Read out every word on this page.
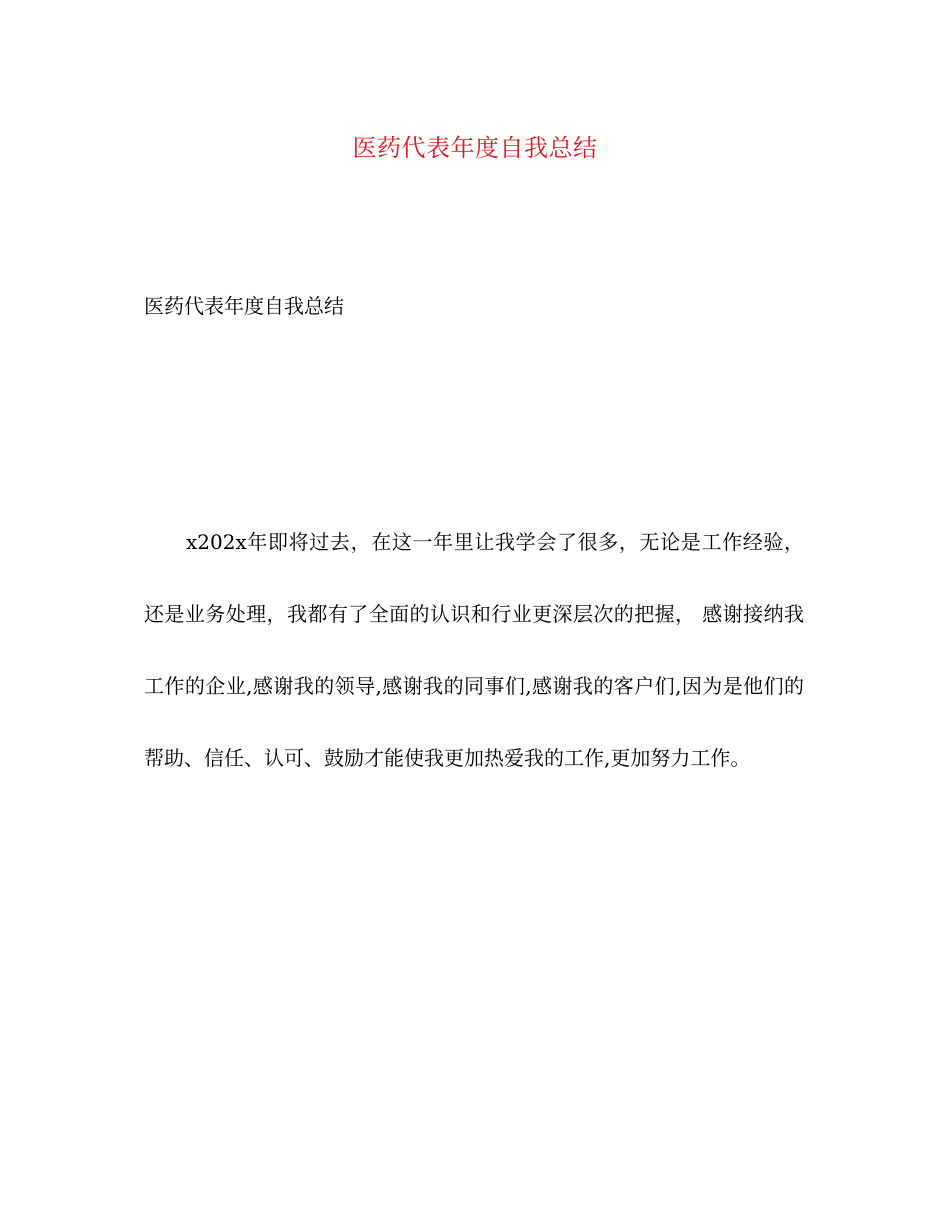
医药代表年度自我总结
医药代表年度自我总结

x202x年即将过去，在这一年里让我学会了很多，无论是工作经验，还是业务处理，我都有了全面的认识和行业更深层次的把握， 感谢接纳我工作的企业,感谢我的领导,感谢我的同事们,感谢我的客户们,因为是他们的帮助、信任、认可、鼓励才能使我更加热爱我的工作,更加努力工作。
